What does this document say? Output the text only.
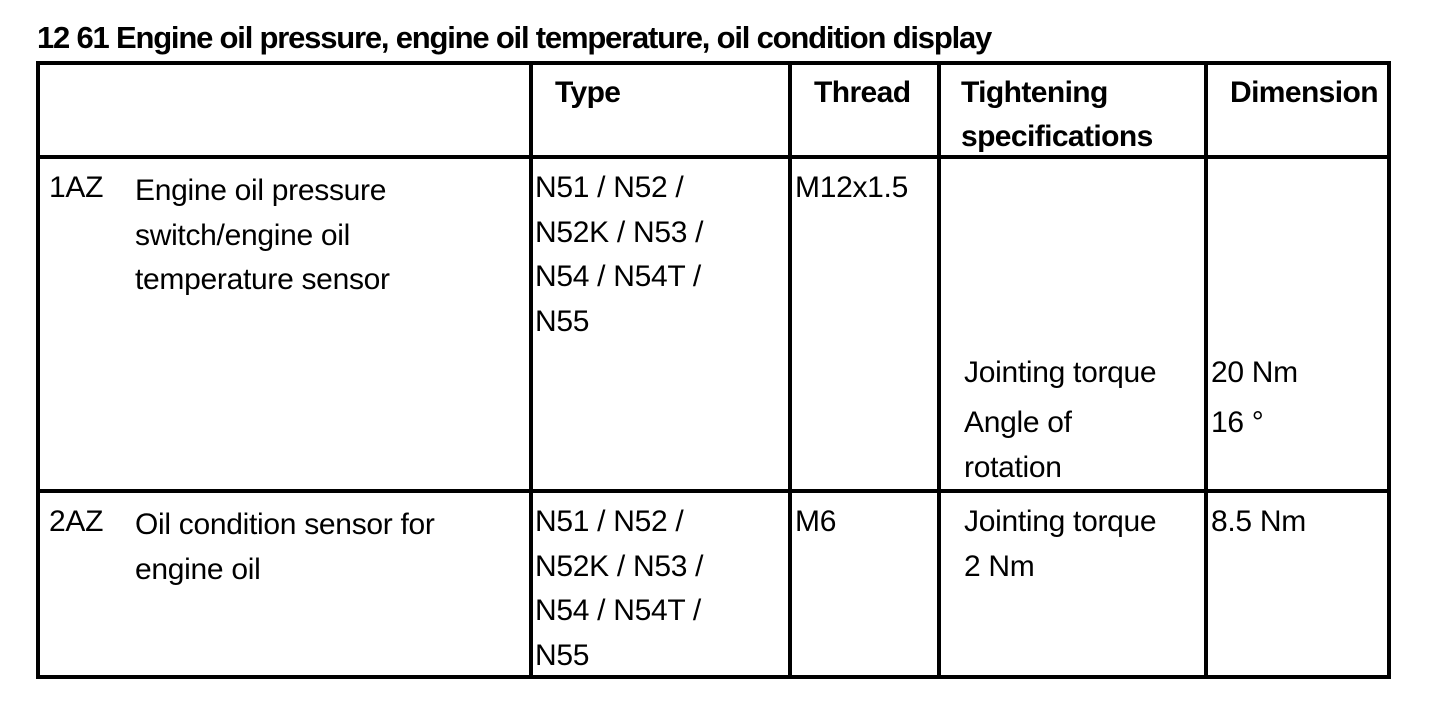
12 61 Engine oil pressure, engine oil temperature, oil condition display
Type	Thread Tightening
specifications
Dimension
1AZ Engine oil pressure
switch/engine oil
temperature sensor
N51 / N52 /
N52K / N53 /
N54 / N54T /
N55
M12x1.5
Jointing torque 20 Nm
Angle of
rotation
16 °
2AZ Oil condition sensor for
engine oil
N51 / N52 /
N52K / N53 /
N54 / N54T /
N55
M6	Jointing torque
2 Nm
8.5 Nm
